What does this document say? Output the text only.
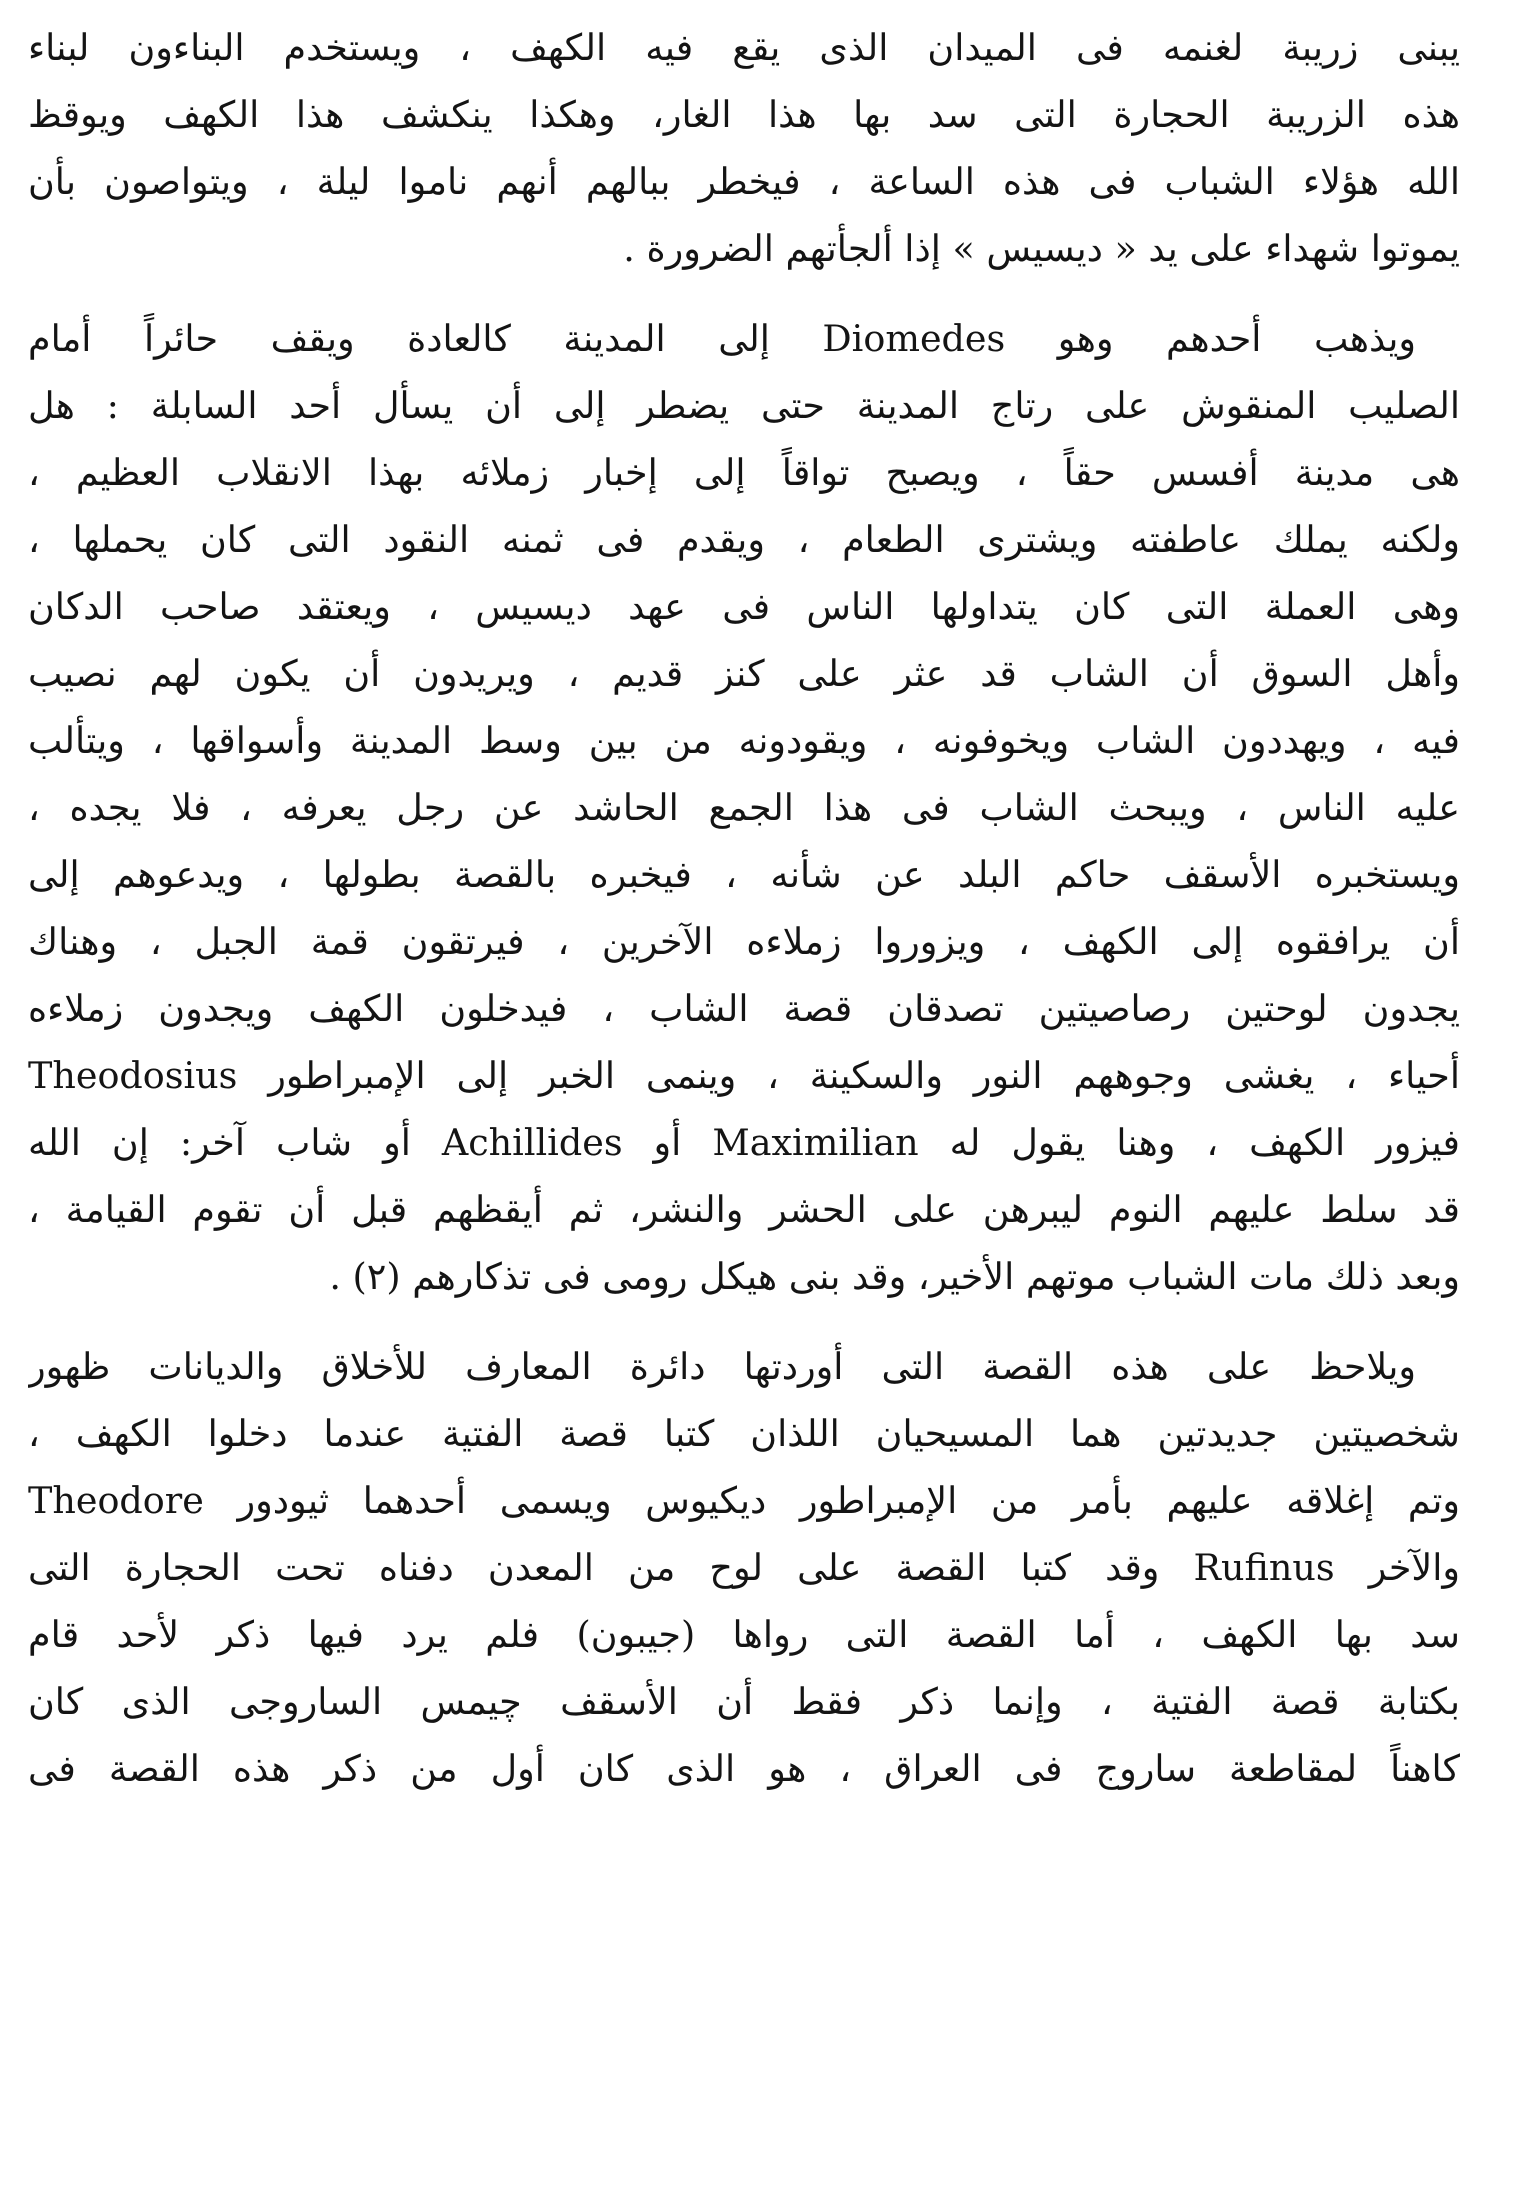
يبنى زريبة لغنمه فى الميدان الذى يقع فيه الكهف ، ويستخدم البناءون لبناء
هذه الزريبة الحجارة التى سد بها هذا الغار، وهكذا ينكشف هذا الكهف ويوقظ
الله هؤلاء الشباب فى هذه الساعة ، فيخطر ببالهم أنهم ناموا ليلة ، ويتواصون بأن
يموتوا شهداء على يد « ديسيس » إذا ألجأتهم الضرورة .
ويذهب أحدهم وهو Diomedes إلى المدينة كالعادة ويقف حائراً أمام
الصليب المنقوش على رتاج المدينة حتى يضطر إلى أن يسأل أحد السابلة : هل
هى مدينة أفسس حقاً ، ويصبح تواقاً إلى إخبار زملائه بهذا الانقلاب العظيم ،
ولكنه يملك عاطفته ويشترى الطعام ، ويقدم فى ثمنه النقود التى كان يحملها ،
وهى العملة التى كان يتداولها الناس فى عهد ديسيس ، ويعتقد صاحب الدكان
وأهل السوق أن الشاب قد عثر على كنز قديم ، ويريدون أن يكون لهم نصيب
فيه ، ويهددون الشاب ويخوفونه ، ويقودونه من بين وسط المدينة وأسواقها ، ويتألب
عليه الناس ، ويبحث الشاب فى هذا الجمع الحاشد عن رجل يعرفه ، فلا يجده ،
ويستخبره الأسقف حاكم البلد عن شأنه ، فيخبره بالقصة بطولها ، ويدعوهم إلى
أن يرافقوه إلى الكهف ، ويزوروا زملاءه الآخرين ، فيرتقون قمة الجبل ، وهناك
يجدون لوحتين رصاصيتين تصدقان قصة الشاب ، فيدخلون الكهف ويجدون زملاءه
أحياء ، يغشى وجوههم النور والسكينة ، وينمى الخبر إلى الإمبراطور Theodosius
فيزور الكهف ، وهنا يقول له Maximilian أو Achillides أو شاب آخر: إن الله
قد سلط عليهم النوم ليبرهن على الحشر والنشر، ثم أيقظهم قبل أن تقوم القيامة ،
وبعد ذلك مات الشباب موتهم الأخير، وقد بنى هيكل رومى فى تذكارهم (٢) .
ويلاحظ على هذه القصة التى أوردتها دائرة المعارف للأخلاق والديانات ظهور
شخصيتين جديدتين هما المسيحيان اللذان كتبا قصة الفتية عندما دخلوا الكهف ،
وتم إغلاقه عليهم بأمر من الإمبراطور ديكيوس ويسمى أحدهما ثيودور Theodore
والآخر Rufinus وقد كتبا القصة على لوح من المعدن دفناه تحت الحجارة التى
سد بها الكهف ، أما القصة التى رواها (جيبون) فلم يرد فيها ذكر لأحد قام
بكتابة قصة الفتية ، وإنما ذكر فقط أن الأسقف چيمس الساروجى الذى كان
كاهناً لمقاطعة ساروج فى العراق ، هو الذى كان أول من ذكر هذه القصة فى
